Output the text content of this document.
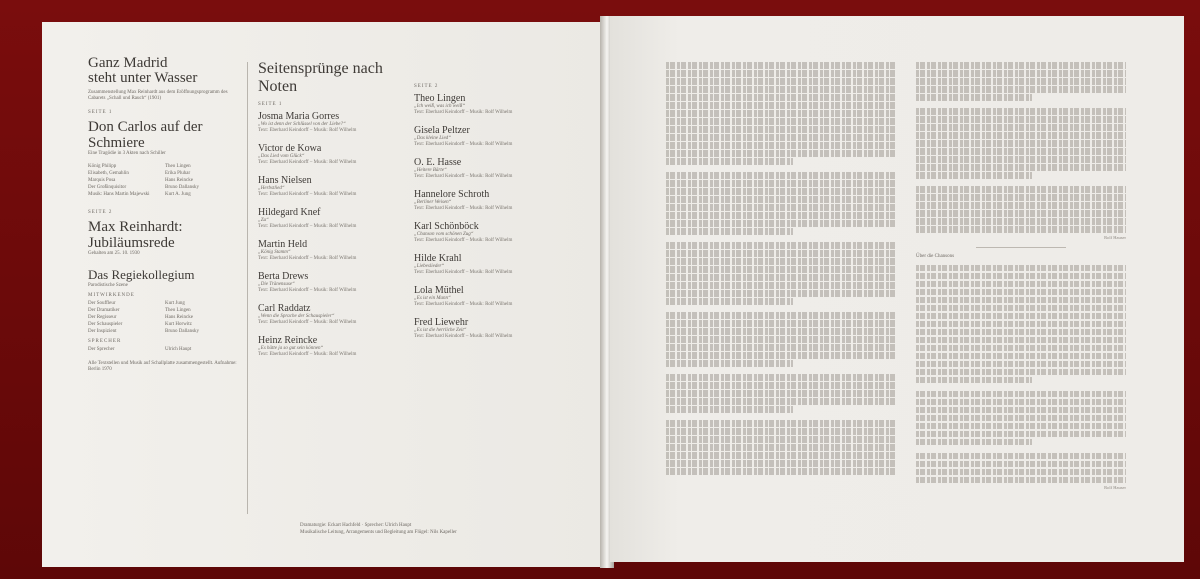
Ganz Madrid
steht unter Wasser
Zusammenstellung Max Reinhardt aus dem Eröffnungsprogramm des Cabarets „Schall und Rauch“ (1901)
SEITE 1
Don Carlos auf der Schmiere
Eine Tragödie in 3 Akten nach Schiller
König Philipp	Theo Lingen
Elisabeth, Gemahlin	Erika Pluhar
Marquis Posa	Hans Reincke
Der Großinquisitor	Bruno Dallansky
Musik: Hans Martin Majewski	Kurt A. Jung
SEITE 2
Max Reinhardt: Jubiläumsrede
Gehalten am 25. 10. 1930
Das Regiekollegium
Parodistische Szene
MITWIRKENDE
Der Souffleur	Kurt Jung
Der Dramatiker	Theo Lingen
Der Regisseur	Hans Reincke
Der Schauspieler	Kurt Horwitz
Der Inspizient	Bruno Dallansky
SPRECHER
Der Sprecher	Ulrich Haupt
Alle Textstellen und Musik auf Schallplatte zusammengestellt. Aufnahme: Berlin 1970
Seitensprünge nach Noten
SEITE 1
Josma Maria Gorres
„Wo ist denn der Schlüssel von der Liebe?“
Text: Eberhard Keindorff – Musik: Rolf Wilhelm
Victor de Kowa
„Das Lied vom Glück“
Text: Eberhard Keindorff – Musik: Rolf Wilhelm
Hans Nielsen
„Herbstlied“
Text: Eberhard Keindorff – Musik: Rolf Wilhelm
Hildegard Knef
„Zu“
Text: Eberhard Keindorff – Musik: Rolf Wilhelm
Martin Held
„König Stamm“
Text: Eberhard Keindorff – Musik: Rolf Wilhelm
Berta Drews
„Die Tränensuse“
Text: Eberhard Keindorff – Musik: Rolf Wilhelm
Carl Raddatz
„Wenn die Sprache der Schauspieler“
Text: Eberhard Keindorff – Musik: Rolf Wilhelm
Heinz Reincke
„Es hätte ja so gut sein können“
Text: Eberhard Keindorff – Musik: Rolf Wilhelm
SEITE 2
Theo Lingen
„Ich weiß, was ich weiß“
Text: Eberhard Keindorff – Musik: Rolf Wilhelm
Gisela Peltzer
„Das kleine Lied“
Text: Eberhard Keindorff – Musik: Rolf Wilhelm
O. E. Hasse
„Heitere Bärte“
Text: Eberhard Keindorff – Musik: Rolf Wilhelm
Hannelore Schroth
„Berliner Weisen“
Text: Eberhard Keindorff – Musik: Rolf Wilhelm
Karl Schönböck
„Chanson vom schönen Zug“
Text: Eberhard Keindorff – Musik: Rolf Wilhelm
Hilde Krahl
„Liebeslieder“
Text: Eberhard Keindorff – Musik: Rolf Wilhelm
Lola Müthel
„Es ist ein Mann“
Text: Eberhard Keindorff – Musik: Rolf Wilhelm
Fred Liewehr
„Es ist die herrliche Zeit“
Text: Eberhard Keindorff – Musik: Rolf Wilhelm
Dramaturgie: Eckart Hachfeld · Sprecher: Ulrich Haupt
Musikalische Leitung, Arrangements und Begleitung am Flügel: Nils Kapeller
Rolf Hauser
Über die Chansons
Rolf Hauser
